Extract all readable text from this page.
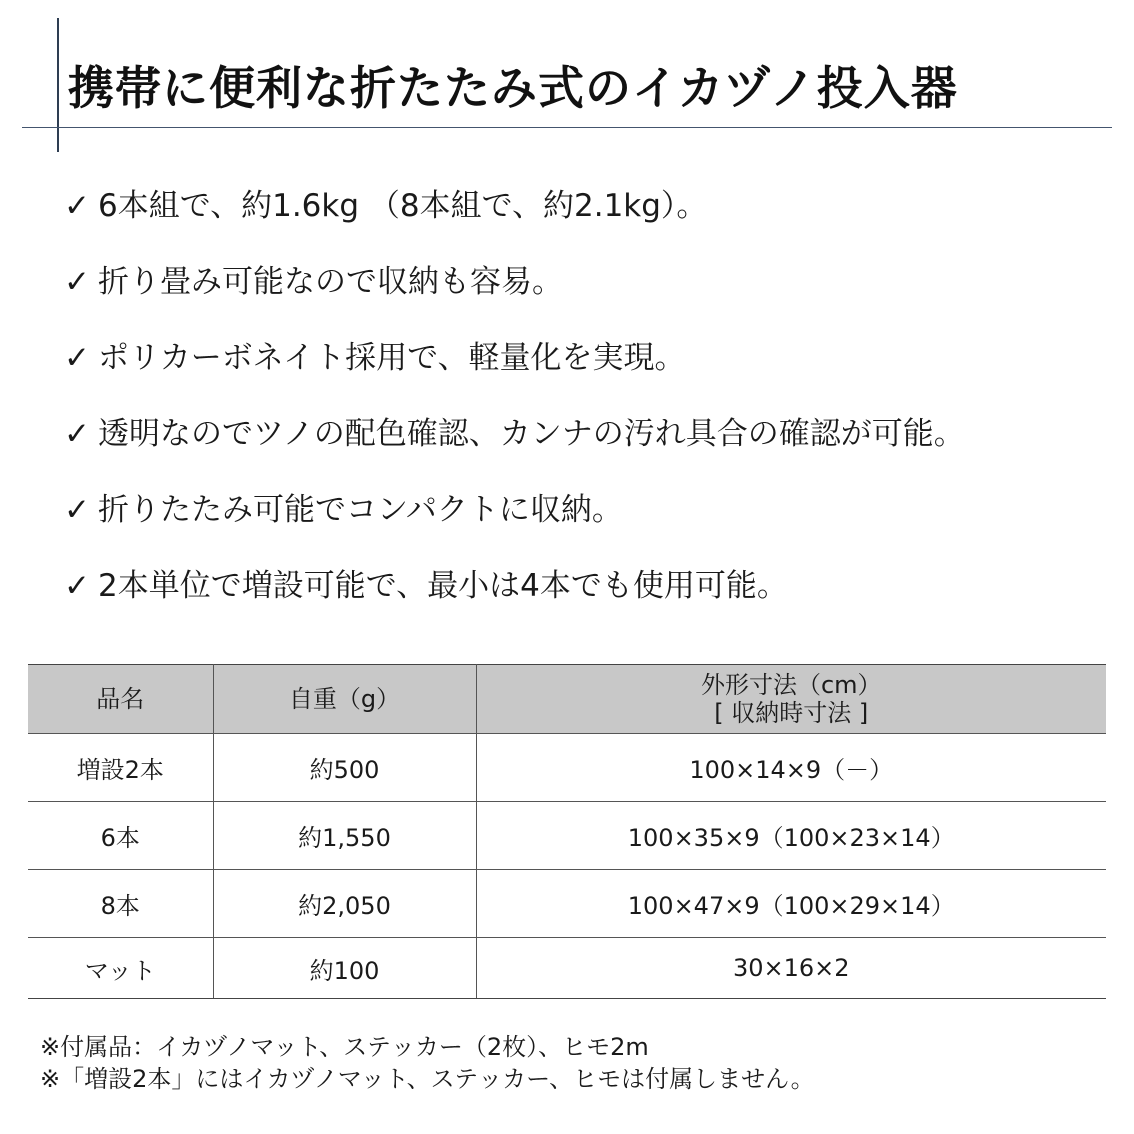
携帯に便利な折たたみ式のイカヅノ投入器
✓ 6本組で、約1.6kg （8本組で、約2.1kg）。
✓ 折り畳み可能なので収納も容易。
✓ ポリカーボネイト採用で、軽量化を実現。
✓ 透明なのでツノの配色確認、カンナの汚れ具合の確認が可能。
✓ 折りたたみ可能でコンパクトに収納。
✓ 2本単位で増設可能で、最小は4本でも使用可能。
品名	自重（g）	外形寸法（cm）
[ 収納時寸法 ]

増設2本	約500	100×14×9（－）
6本	約1,550	100×35×9（100×23×14）
8本	約2,050	100×47×9（100×29×14）
マット	約100	30×16×2
※付属品：イカヅノマット、ステッカー（2枚）、ヒモ2m
※「増設2本」にはイカヅノマット、ステッカー、ヒモは付属しません。
